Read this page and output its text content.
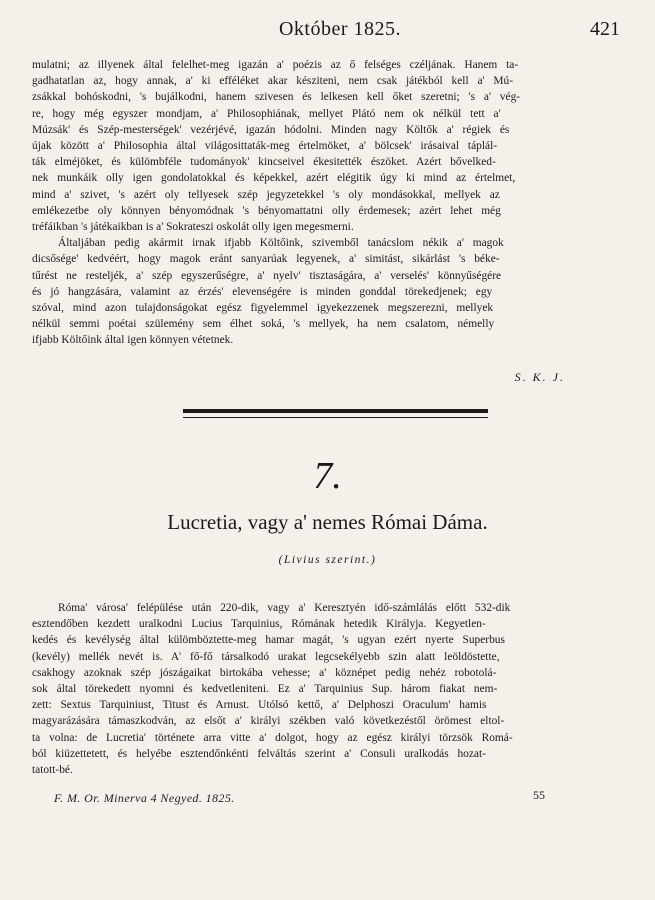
Október 1825.	421

mulatni; az illyenek által felelhet-meg igazán a' poézis az ő felséges czéljának. Hanem ta-
gadhatatlan az, hogy annak, a' ki efféléket akar késziteni, nem csak játékból kell a' Mú-
zsákkal bohóskodni, 's bujálkodni, hanem szivesen és lelkesen kell őket szeretni; 's a' vég-
re, hogy még egyszer mondjam, a' Philosophiának, mellyet Plátó nem ok nélkül tett a'
Múzsák' és Szép-mesterségek' vezérjévé, igazán hódolni. Minden nagy Költők a' régiek és
újak között a' Philosophia által világosittaták-meg értelmöket, a' bölcsek' irásaival táplál-
ták elméjöket, és külömbféle tudományok' kincseivel ékesitették észöket. Azért bővelked-
nek munkáik olly igen gondolatokkal és képekkel, azért elégitik úgy ki mind az értelmet,
mind a' szivet, 's azért oly tellyesek szép jegyzetekkel 's oly mondásokkal, mellyek az
emlékezetbe oly könnyen bényomódnak 's bényomattatni olly érdemesek; azért lehet még
tréfáikban 's játékaikban is a' Sokrateszi oskolát olly igen megesmerni.

Általjában pedig akármit irnak ifjabb Költőink, szivemből tanácslom nékik a' magok
dicsősége' kedvéért, hogy magok eránt sanyarúak legyenek, a' simitást, sikárlást 's béke-
tűrést ne resteljék, a' szép egyszerűségre, a' nyelv' tisztaságára, a' verselés' könnyűségére
és jó hangzására, valamint az érzés' elevenségére is minden gonddal törekedjenek; egy
szóval, mind azon tulajdonságokat egész figyelemmel igyekezzenek megszerezni, mellyek
nélkül semmi poétai szülemény sem élhet soká, 's mellyek, ha nem csalatom, némelly
ifjabb Költőink által igen könnyen vétetnek.

S. K. J.
7.
Lucretia, vagy a' nemes Római Dáma.
(Livius szerint.)

Róma' városa' felépülése után 220-dik, vagy a' Keresztyén idő-számlálás előtt 532-dik
esztendőben kezdett uralkodni Lucius Tarquinius, Rómának hetedik Királyja. Kegyetlen-
kedés és kevélység által külömböztette-meg hamar magát, 's ugyan ezért nyerte Superbus
(kevély) mellék nevét is. A' fő-fő társalkodó urakat legcsekélyebb szin alatt leöldöstette,
csakhogy azoknak szép jószágaikat birtokába vehesse; a' köznépet pedig nehéz robotolá-
sok által törekedett nyomni és kedvetleniteni. Ez a' Tarquinius Sup. három fiakat nem-
zett: Sextus Tarquiniust, Titust és Arnust. Utólsó kettő, a' Delphoszi Oraculum' hamis
magyarázására támaszkodván, az elsőt a' királyi székben való következéstől örömest eltol-
ta volna: de Lucretia' története arra vitte a' dolgot, hogy az egész királyi törzsök Romá-
ból kiüzettetett, és helyébe esztendőnkénti felváltás szerint a' Consuli uralkodás hozat-
tatott-bé.

F. M. Or. Minerva 4 Negyed. 1825.	55
